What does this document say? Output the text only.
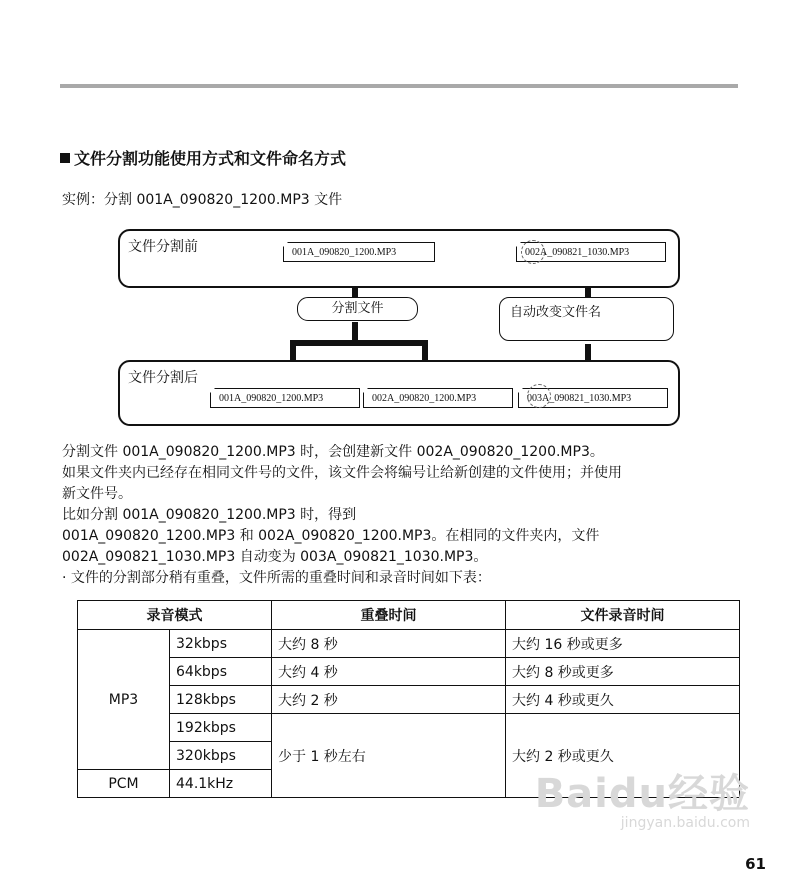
文件分割功能使用方式和文件命名方式
实例：分割 001A_090820_1200.MP3 文件
文件分割前	001A_090820_1200.MP3	002A_090821_1030.MP3
分割文件	自动改变文件名
文件分割后
001A_090820_1200.MP3	002A_090820_1200.MP3	003A_090821_1030.MP3
分割文件 001A_090820_1200.MP3 时，会创建新文件 002A_090820_1200.MP3。
如果文件夹内已经存在相同文件号的文件，该文件会将编号让给新创建的文件使用；并使用
新文件号。
比如分割 001A_090820_1200.MP3 时，得到
001A_090820_1200.MP3 和 002A_090820_1200.MP3。在相同的文件夹内，文件
002A_090821_1030.MP3 自动变为 003A_090821_1030.MP3。
· 文件的分割部分稍有重叠，文件所需的重叠时间和录音时间如下表：
录音模式		重叠时间	文件录音时间
MP3	32kbps	大约 8 秒	大约 16 秒或更多
	64kbps	大约 4 秒	大约 8 秒或更多
	128kbps	大约 2 秒	大约 4 秒或更久
	192kbps	少于 1 秒左右	大约 2 秒或更久
	320kbps		
PCM	44.1kHz			Baidu经验
jingyan.baidu.com
61
